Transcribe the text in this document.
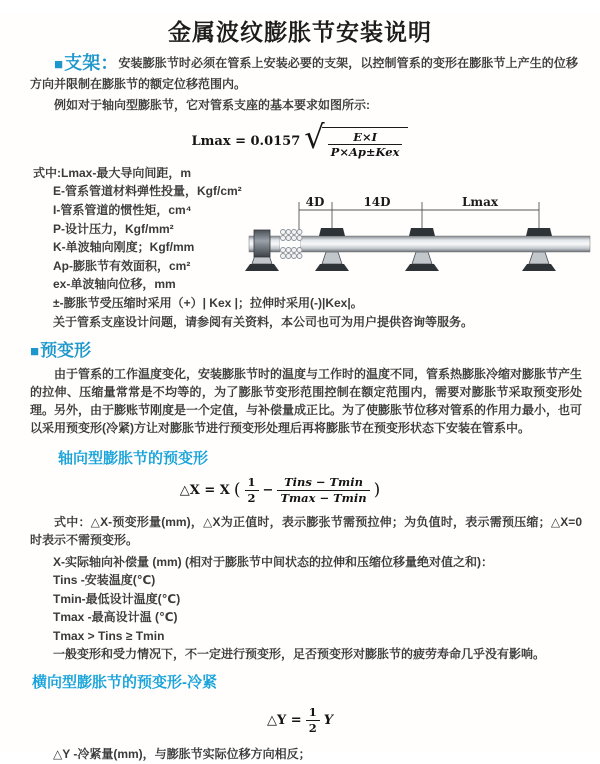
金属波纹膨胀节安装说明

■支架：安装膨胀节时必须在管系上安装必要的支架，以控制管系的变形在膨胀节上产生的位移方向并限制在膨胀节的额定位移范围内。

例如对于轴向型膨胀节，它对管系支座的基本要求如图所示:

Lmax = 0.0157 √ $\frac{E\times I}{\text{P×Ap±Kex}}$
式中:Lmax-最大导向间距，m
E-管系管道材料弹性投量，Kgf/cm²
I-管系管道的惯性矩，cm⁴
P-设计压力，Kgf/mm²
K-单波轴向刚度；Kgf/mm
Ap-膨胀节有效面积，cm²
ex-单波轴向位移，mm
±-膨胀节受压缩时采用（+）| Kex |；拉伸时采用(-)|Kex|。
关于管系支座设计问题，请参阅有关资料，本公司也可为用户提供咨询等服务。
4D	14D	Lmax
■预变形

由于管系的工作温度变化，安装膨胀节时的温度与工作时的温度不同，管系热膨胀冷缩对膨胀节产生的拉伸、压缩量常常是不均等的，为了膨胀节变形范围控制在额定范围内，需要对膨胀节采取预变形处理。另外，由于膨账节刚度是一个定值，与补偿量成正比。为了使膨胀节位移对管系的作用力最小，也可以采用预变形(冷紧)方让对膨胀节进行预变形处理后再将膨胀节在预变形状态下安装在管系中。

轴向型膨胀节的预变形
△X = X ( $\frac{1}{2} - \frac{\text{Tins − Tmin}}{Tmax - Tmin}$ )

式中：△X-预变形量(mm)，△X为正值时，表示膨张节需预拉伸；为负值时，表示需预压缩；△X=0时表示不需预变形。

X-实际轴向补偿量 (mm) (相对于膨胀节中间状态的拉伸和压缩位移量绝对值之和)：
Tins -安装温度(℃)
Tmin-最低设计温度(℃)
Tmax -最高设计温 (℃)
Tmax > Tins ≥ Tmin
一般变形和受力情况下，不一定进行预变形，足否预变形对膨胀节的疲劳寿命几乎没有影响。
横向型膨胀节的预变形-冷紧
△Y = $\frac{1}{2}$ Y
△Y -冷紧量(mm)，与膨胀节实际位移方向相反；
